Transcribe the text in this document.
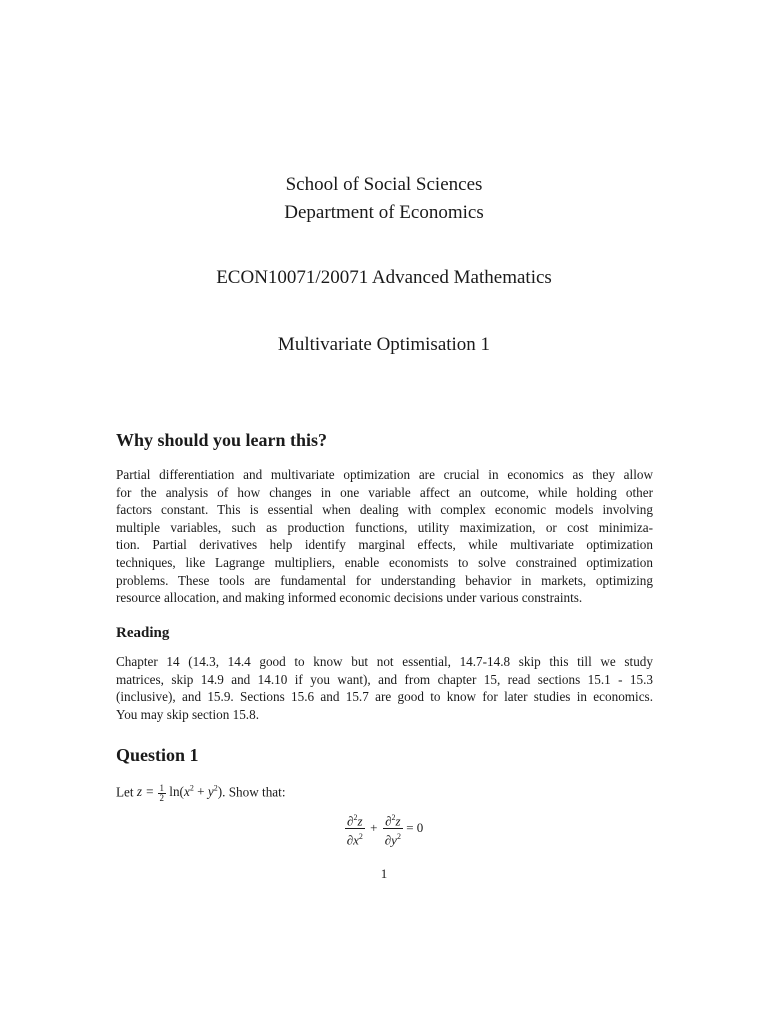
School of Social Sciences
Department of Economics
ECON10071/20071 Advanced Mathematics
Multivariate Optimisation 1
Why should you learn this?
Partial differentiation and multivariate optimization are crucial in economics as they allow
for the analysis of how changes in one variable affect an outcome, while holding other
factors constant. This is essential when dealing with complex economic models involving
multiple variables, such as production functions, utility maximization, or cost minimiza-
tion. Partial derivatives help identify marginal effects, while multivariate optimization
techniques, like Lagrange multipliers, enable economists to solve constrained optimization
problems. These tools are fundamental for understanding behavior in markets, optimizing
resource allocation, and making informed economic decisions under various constraints.
Reading
Chapter 14 (14.3, 14.4 good to know but not essential, 14.7-14.8 skip this till we study
matrices, skip 14.9 and 14.10 if you want), and from chapter 15, read sections 15.1 - 15.3
(inclusive), and 15.9. Sections 15.6 and 15.7 are good to know for later studies in economics.
You may skip section 15.8.
Question 1
Let $z = \frac{1}{2} \ln(x^2 + y^2)$. Show that:
$\frac{\partial^2z}{\partial x^2} + \frac{\partial^2z}{\partial y^2} = 0$
1
